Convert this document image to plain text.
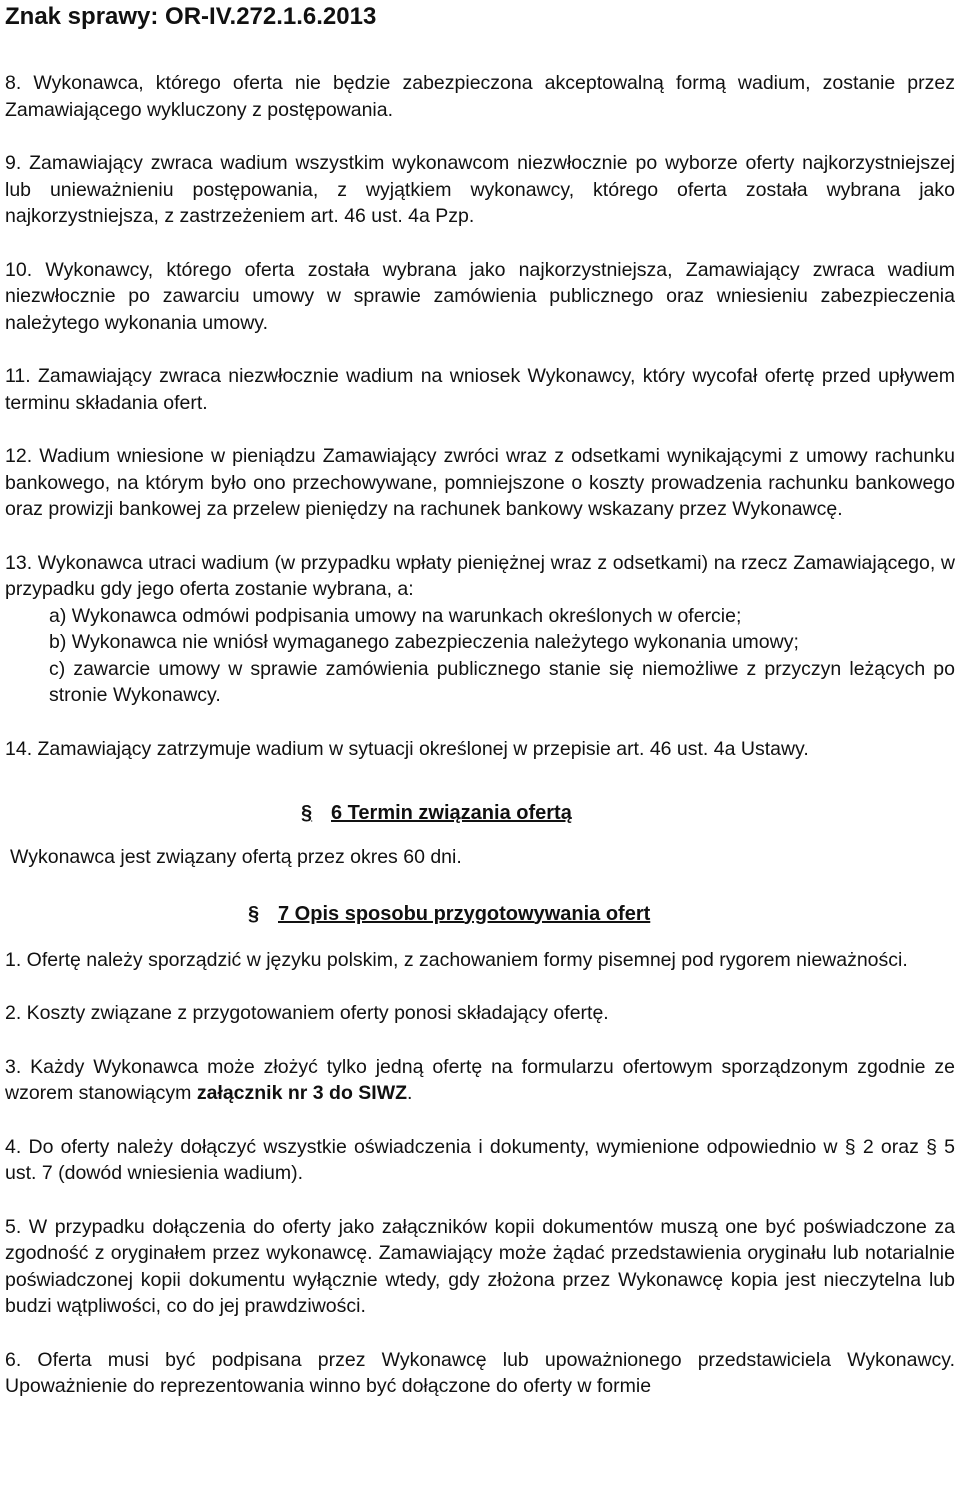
Znak sprawy: OR-IV.272.1.6.2013

8. Wykonawca, którego oferta nie będzie zabezpieczona akceptowalną formą wadium, zostanie przez Zamawiającego wykluczony z postępowania.

9. Zamawiający zwraca wadium wszystkim wykonawcom niezwłocznie po wyborze oferty najkorzystniejszej lub unieważnieniu postępowania, z wyjątkiem wykonawcy, którego oferta została wybrana jako najkorzystniejsza, z zastrzeżeniem art. 46 ust. 4a Pzp.

10. Wykonawcy, którego oferta została wybrana jako najkorzystniejsza, Zamawiający zwraca wadium niezwłocznie po zawarciu umowy w sprawie zamówienia publicznego oraz wniesieniu zabezpieczenia należytego wykonania umowy.

11. Zamawiający zwraca niezwłocznie wadium na wniosek Wykonawcy, który wycofał ofertę przed upływem terminu składania ofert.

12. Wadium wniesione w pieniądzu Zamawiający zwróci wraz z odsetkami wynikającymi z umowy rachunku bankowego, na którym było ono przechowywane, pomniejszone o koszty prowadzenia rachunku bankowego oraz prowizji bankowej za przelew pieniędzy na rachunek bankowy wskazany przez Wykonawcę.

13. Wykonawca utraci wadium (w przypadku wpłaty pieniężnej wraz z odsetkami) na rzecz Zamawiającego, w przypadku gdy jego oferta zostanie wybrana, a:

a) Wykonawca odmówi podpisania umowy na warunkach określonych w ofercie;

b) Wykonawca nie wniósł wymaganego zabezpieczenia należytego wykonania umowy;

c) zawarcie umowy w sprawie zamówienia publicznego stanie się niemożliwe z przyczyn leżących po stronie Wykonawcy.

14. Zamawiający zatrzymuje wadium w sytuacji określonej w przepisie art. 46 ust. 4a Ustawy.

§ 6 Termin związania ofertą

Wykonawca jest związany ofertą przez okres 60 dni.

§ 7 Opis sposobu przygotowywania ofert

1. Ofertę należy sporządzić w języku polskim, z zachowaniem formy pisemnej pod rygorem nieważności.

2. Koszty związane z przygotowaniem oferty ponosi składający ofertę.

3. Każdy Wykonawca może złożyć tylko jedną ofertę na formularzu ofertowym sporządzonym zgodnie ze wzorem stanowiącym załącznik nr 3 do SIWZ.

4. Do oferty należy dołączyć wszystkie oświadczenia i dokumenty, wymienione odpowiednio w § 2 oraz § 5 ust. 7 (dowód wniesienia wadium).

5. W przypadku dołączenia do oferty jako załączników kopii dokumentów muszą one być poświadczone za zgodność z oryginałem przez wykonawcę. Zamawiający może żądać przedstawienia oryginału lub notarialnie poświadczonej kopii dokumentu wyłącznie wtedy, gdy złożona przez Wykonawcę kopia jest nieczytelna lub budzi wątpliwości, co do jej prawdziwości.

6. Oferta musi być podpisana przez Wykonawcę lub upoważnionego przedstawiciela Wykonawcy. Upoważnienie do reprezentowania winno być dołączone do oferty w formie
